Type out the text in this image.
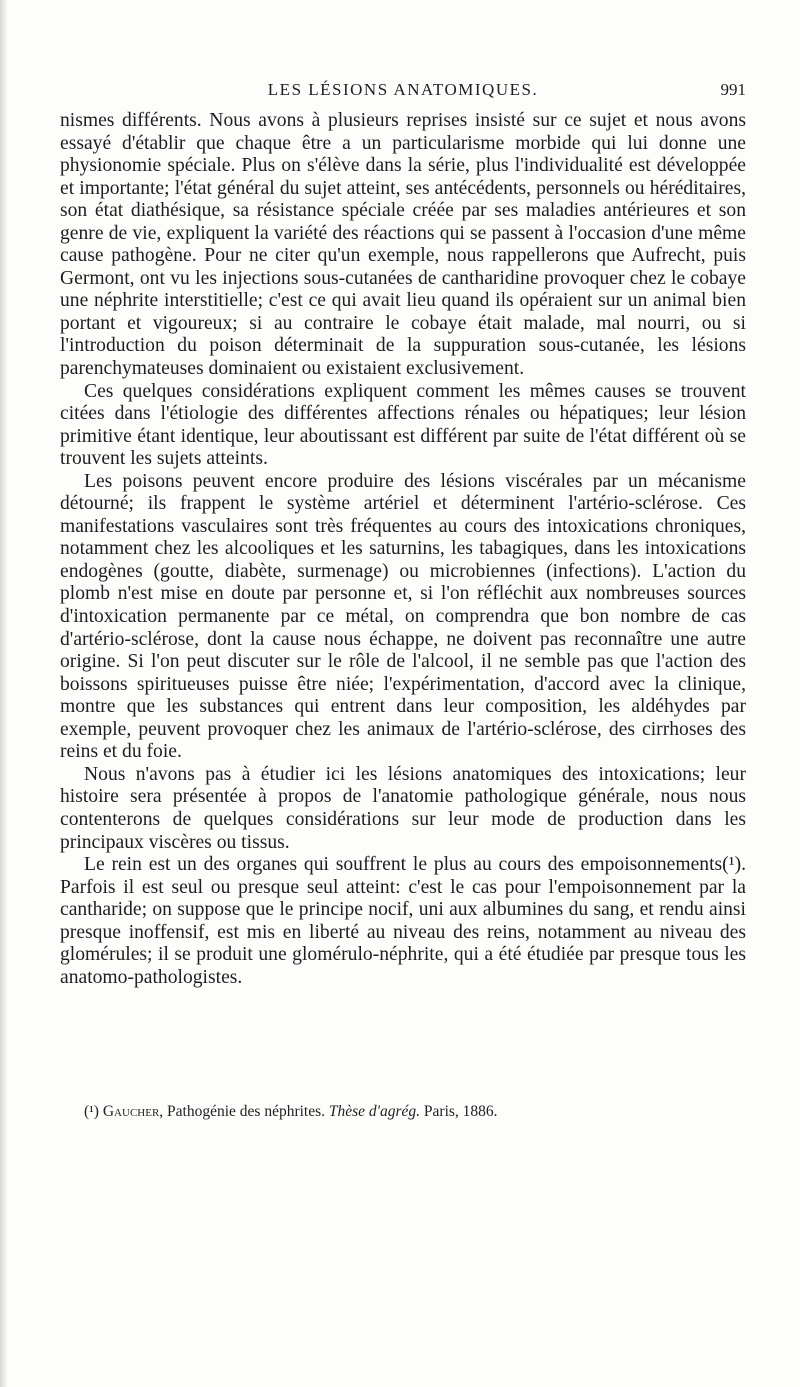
LES LÉSIONS ANATOMIQUES.	991

nismes différents. Nous avons à plusieurs reprises insisté sur ce sujet et nous avons essayé d'établir que chaque être a un particularisme morbide qui lui donne une physionomie spéciale. Plus on s'élève dans la série, plus l'individualité est développée et importante; l'état général du sujet atteint, ses antécédents, personnels ou héréditaires, son état diathésique, sa résistance spéciale créée par ses maladies antérieures et son genre de vie, expliquent la variété des réactions qui se passent à l'occasion d'une même cause pathogène. Pour ne citer qu'un exemple, nous rappellerons que Aufrecht, puis Germont, ont vu les injections sous-cutanées de cantharidine provoquer chez le cobaye une néphrite interstitielle; c'est ce qui avait lieu quand ils opéraient sur un animal bien portant et vigoureux; si au contraire le cobaye était malade, mal nourri, ou si l'introduction du poison déterminait de la suppuration sous-cutanée, les lésions parenchymateuses dominaient ou existaient exclusivement.

Ces quelques considérations expliquent comment les mêmes causes se trouvent citées dans l'étiologie des différentes affections rénales ou hépatiques; leur lésion primitive étant identique, leur aboutissant est différent par suite de l'état différent où se trouvent les sujets atteints.

Les poisons peuvent encore produire des lésions viscérales par un mécanisme détourné; ils frappent le système artériel et déterminent l'artério-sclérose. Ces manifestations vasculaires sont très fréquentes au cours des intoxications chroniques, notamment chez les alcooliques et les saturnins, les tabagiques, dans les intoxications endogènes (goutte, diabète, surmenage) ou microbiennes (infections). L'action du plomb n'est mise en doute par personne et, si l'on réfléchit aux nombreuses sources d'intoxication permanente par ce métal, on comprendra que bon nombre de cas d'artério-sclérose, dont la cause nous échappe, ne doivent pas reconnaître une autre origine. Si l'on peut discuter sur le rôle de l'alcool, il ne semble pas que l'action des boissons spiritueuses puisse être niée; l'expérimentation, d'accord avec la clinique, montre que les substances qui entrent dans leur composition, les aldéhydes par exemple, peuvent provoquer chez les animaux de l'artério-sclérose, des cirrhoses des reins et du foie.

Nous n'avons pas à étudier ici les lésions anatomiques des intoxications; leur histoire sera présentée à propos de l'anatomie pathologique générale, nous nous contenterons de quelques considérations sur leur mode de production dans les principaux viscères ou tissus.

Le rein est un des organes qui souffrent le plus au cours des empoisonnements(¹). Parfois il est seul ou presque seul atteint: c'est le cas pour l'empoisonnement par la cantharide; on suppose que le principe nocif, uni aux albumines du sang, et rendu ainsi presque inoffensif, est mis en liberté au niveau des reins, notamment au niveau des glomérules; il se produit une glomérulo-néphrite, qui a été étudiée par presque tous les anatomo-pathologistes.

(¹) Gaucher, Pathogénie des néphrites. Thèse d'agrég. Paris, 1886.
